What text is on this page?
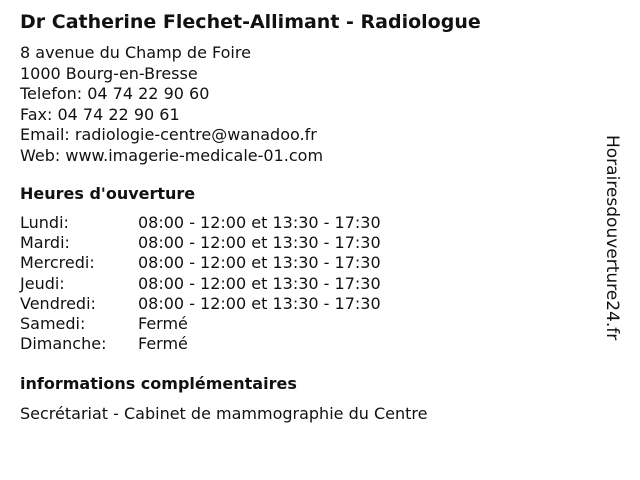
Dr Catherine Flechet-Allimant - Radiologue
8 avenue du Champ de Foire
1000 Bourg-en-Bresse
Telefon: 04 74 22 90 60
Fax: 04 74 22 90 61
Email: radiologie-centre@wanadoo.fr
Web: www.imagerie-medicale-01.com
Heures d'ouverture
Lundi:	08:00 - 12:00 et 13:30 - 17:30
Mardi:	08:00 - 12:00 et 13:30 - 17:30
Mercredi:	08:00 - 12:00 et 13:30 - 17:30
Jeudi:	08:00 - 12:00 et 13:30 - 17:30
Vendredi:	08:00 - 12:00 et 13:30 - 17:30
Samedi:	Fermé
Dimanche: Fermé
informations complémentaires
Secrétariat - Cabinet de mammographie du Centre
Horairesdouverture24.fr
